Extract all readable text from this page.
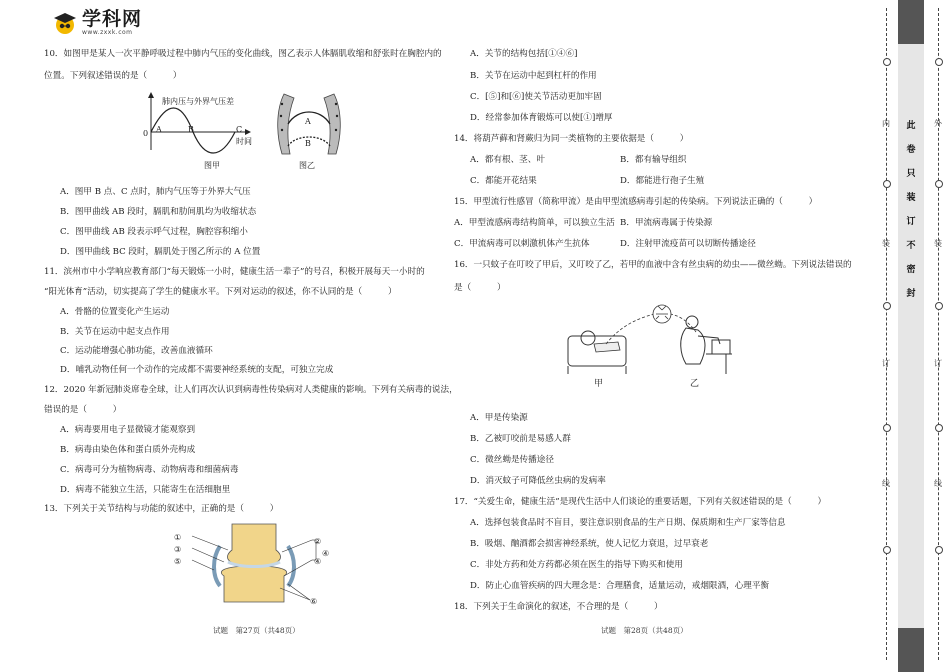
学科网
www.zxxk.com
10．如图甲是某人一次平静呼吸过程中肺内气压的变化曲线，图乙表示人体膈肌收缩和舒张时在胸腔内的
位置。下列叙述错误的是（　　　）
肺内压与外界气压差
0 A	B	C
时间
图甲
A
B
图乙
A．图甲 B 点、C 点时，肺内气压等于外界大气压
B．图甲曲线 AB 段时，膈肌和肋间肌均为收缩状态
C．图甲曲线 AB 段表示呼气过程，胸腔容积缩小
D．图甲曲线 BC 段时，膈肌处于图乙所示的 A 位置
11．滨州市中小学响应教育部门“每天锻炼一小时，健康生活一辈子”的号召，积极开展每天一小时的
“阳光体育”活动，切实提高了学生的健康水平。下列对运动的叙述，你不认同的是（　　　）
A．骨骼的位置变化产生运动
B．关节在运动中起支点作用
C．运动能增强心肺功能，改善血液循环
D．哺乳动物任何一个动作的完成都不需要神经系统的支配，可独立完成
12．2020 年新冠肺炎席卷全球，让人们再次认识到病毒性传染病对人类健康的影响。下列有关病毒的说法，
错误的是（　　　）
A．病毒要用电子显微镜才能观察到
B．病毒由染色体和蛋白质外壳构成
C．病毒可分为植物病毒、动物病毒和细菌病毒
D．病毒不能独立生活，只能寄生在活细胞里
13．下列关于关节结构与功能的叙述中，正确的是（　　　）
①
③
⑤
②
④
④
⑥
试题　第27页（共48页）
A．关节的结构包括[①④⑥]
B．关节在运动中起到杠杆的作用
C．[⑤]和[⑥]使关节活动更加牢固
D．经常参加体育锻炼可以使[①]增厚
14．将葫芦藓和肾蕨归为同一类植物的主要依据是（　　　）
A．都有根、茎、叶	B．都有输导组织
C．都能开花结果	D．都能进行孢子生殖
15．甲型流行性感冒（简称甲流）是由甲型流感病毒引起的传染病。下列说法正确的（　　　）
A．甲型流感病毒结构简单，可以独立生活 B．甲流病毒属于传染源
C．甲流病毒可以刺激机体产生抗体	D．注射甲流疫苗可以切断传播途径
16．一只蚊子在叮咬了甲后，又叮咬了乙，若甲的血液中含有丝虫病的幼虫——微丝蚴。下列说法错误的
是（　　　）
甲	乙
A．甲是传染源
B．乙被叮咬前是易感人群
C．微丝蚴是传播途径
D．消灭蚊子可降低丝虫病的发病率
17．“关爱生命，健康生活”是现代生活中人们谈论的重要话题，下列有关叙述错误的是（　　　）
A．选择包装食品时不盲目，要注意识别食品的生产日期、保质期和生产厂家等信息
B．吸烟、酗酒都会损害神经系统，使人记忆力衰退，过早衰老
C．非处方药和处方药都必须在医生的指导下购买和使用
D．防止心血管疾病的四大理念是：合理膳食，适量运动，戒烟限酒，心理平衡
18．下列关于生命演化的叙述，不合理的是（　　　）
试题　第28页（共48页）
此
卷
只
装
订
不
密
封
内
装
订
线
外
装
订
线
